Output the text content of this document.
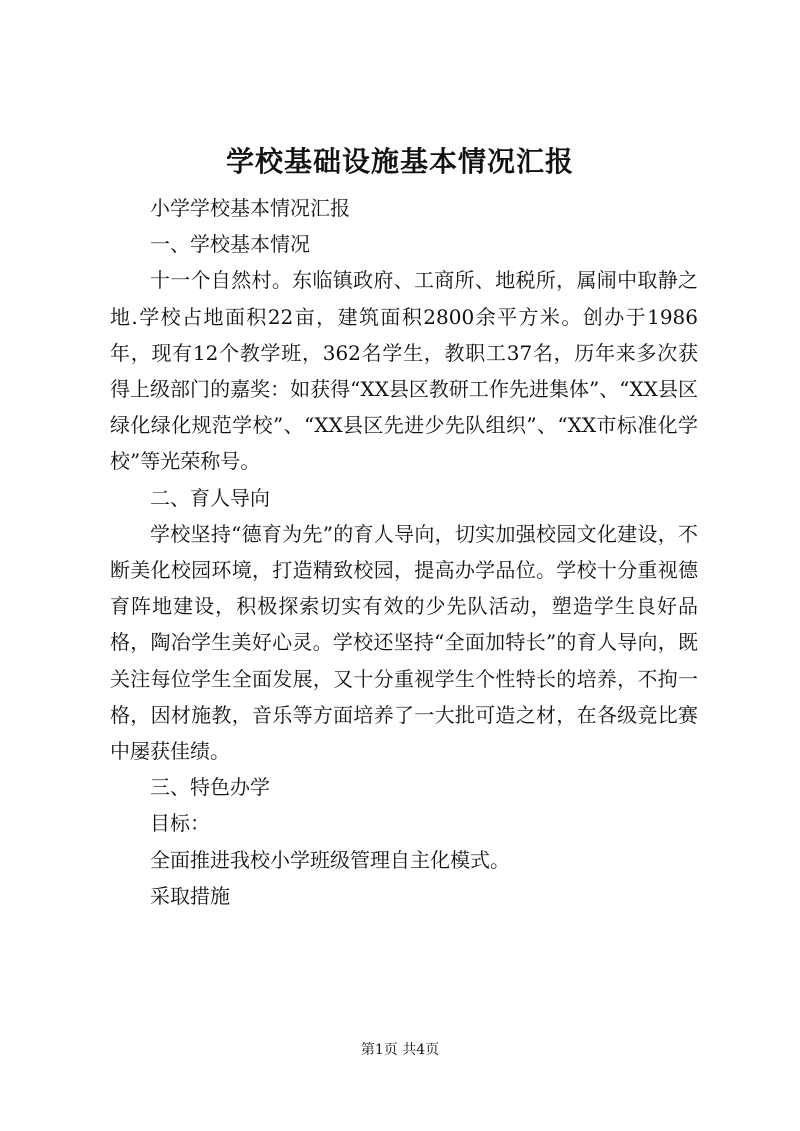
学校基础设施基本情况汇报

小学学校基本情况汇报

一、学校基本情况

十一个自然村。东临镇政府、工商所、地税所，属闹中取静之地.学校占地面积22亩，建筑面积2800余平方米。创办于1986年，现有12个教学班，362名学生，教职工37名，历年来多次获得上级部门的嘉奖：如获得“XX县区教研工作先进集体”、“XX县区绿化绿化规范学校”、“XX县区先进少先队组织”、“XX市标准化学校”等光荣称号。

二、育人导向

学校坚持“德育为先”的育人导向，切实加强校园文化建设，不断美化校园环境，打造精致校园，提高办学品位。学校十分重视德育阵地建设，积极探索切实有效的少先队活动，塑造学生良好品格，陶冶学生美好心灵。学校还坚持“全面加特长”的育人导向，既关注每位学生全面发展，又十分重视学生个性特长的培养，不拘一格，因材施教，音乐等方面培养了一大批可造之材，在各级竞比赛中屡获佳绩。

三、特色办学

目标：

全面推进我校小学班级管理自主化模式。

采取措施

第1页 共4页
